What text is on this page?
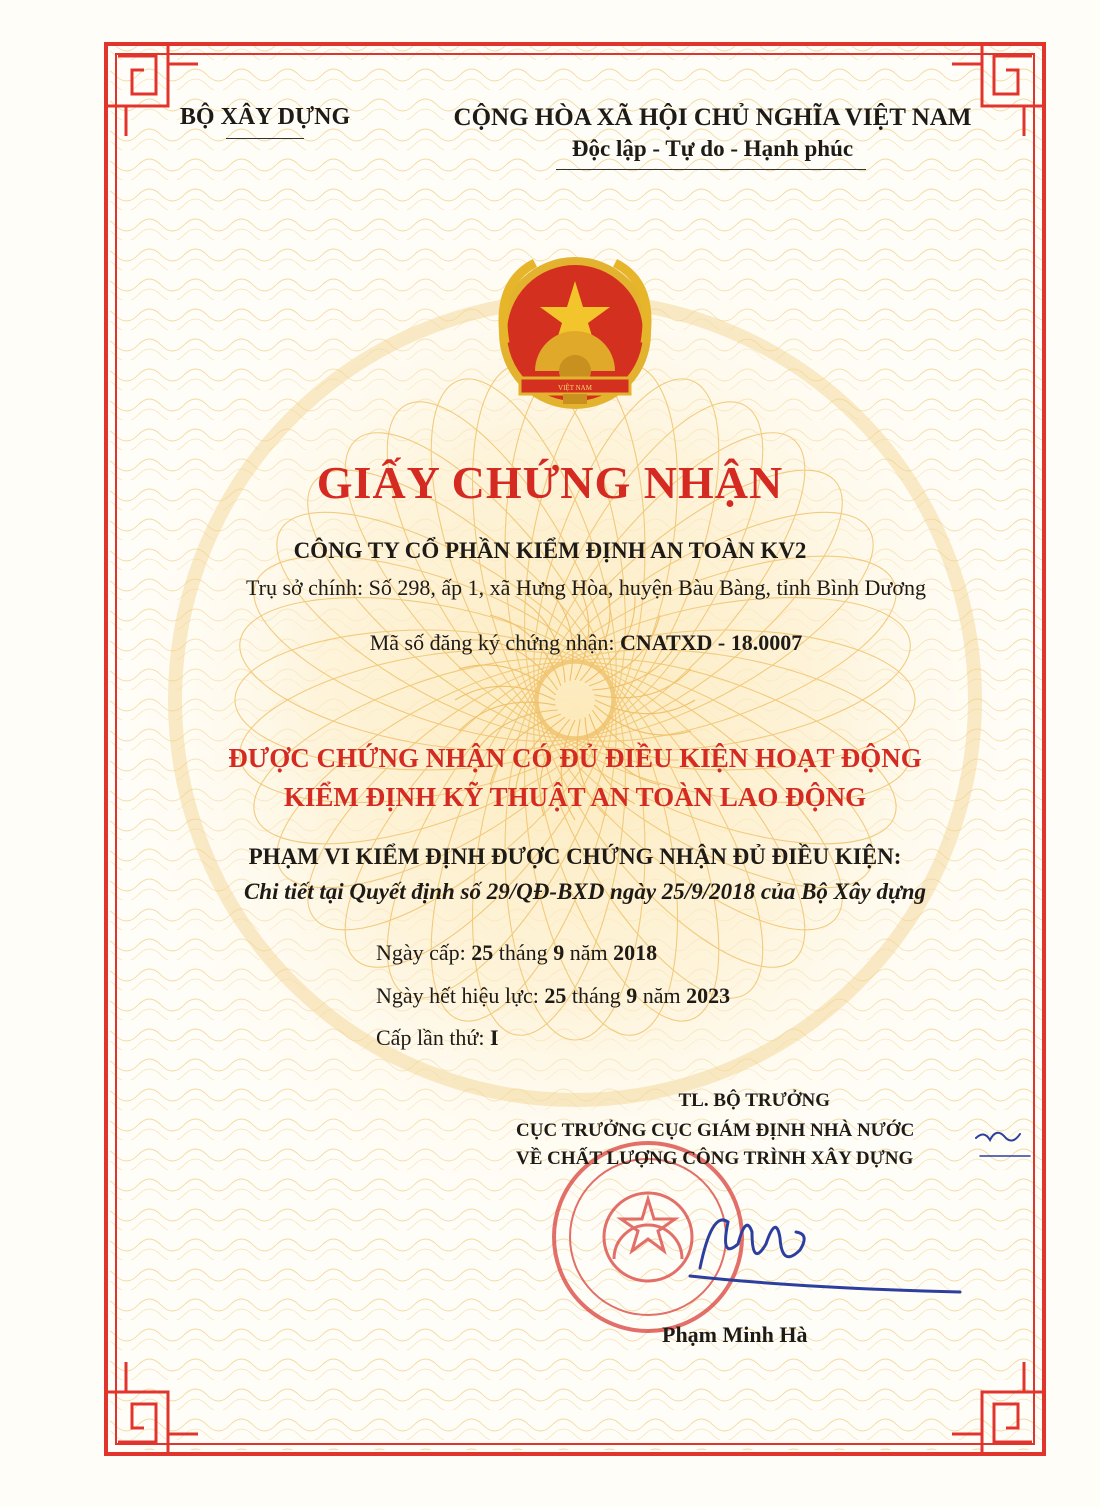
VIỆT NAM
BỘ XÂY DỰNG	CỘNG HÒA XÃ HỘI CHỦ NGHĨA VIỆT NAM
Độc lập - Tự do - Hạnh phúc
GIẤY CHỨNG NHẬN
CÔNG TY CỔ PHẦN KIỂM ĐỊNH AN TOÀN KV2
Trụ sở chính: Số 298, ấp 1, xã Hưng Hòa, huyện Bàu Bàng, tỉnh Bình Dương
Mã số đăng ký chứng nhận: CNATXD - 18.0007
ĐƯỢC CHỨNG NHẬN CÓ ĐỦ ĐIỀU KIỆN HOẠT ĐỘNG
KIỂM ĐỊNH KỸ THUẬT AN TOÀN LAO ĐỘNG
PHẠM VI KIỂM ĐỊNH ĐƯỢC CHỨNG NHẬN ĐỦ ĐIỀU KIỆN:
Chi tiết tại Quyết định số 29/QĐ-BXD ngày 25/9/2018 của Bộ Xây dựng
Ngày cấp: 25 tháng 9 năm 2018
Ngày hết hiệu lực: 25 tháng 9 năm 2023
Cấp lần thứ: I
TL. BỘ TRƯỞNG
CỤC TRƯỞNG CỤC GIÁM ĐỊNH NHÀ NƯỚC
VỀ CHẤT LƯỢNG CÔNG TRÌNH XÂY DỰNG
Phạm Minh Hà
